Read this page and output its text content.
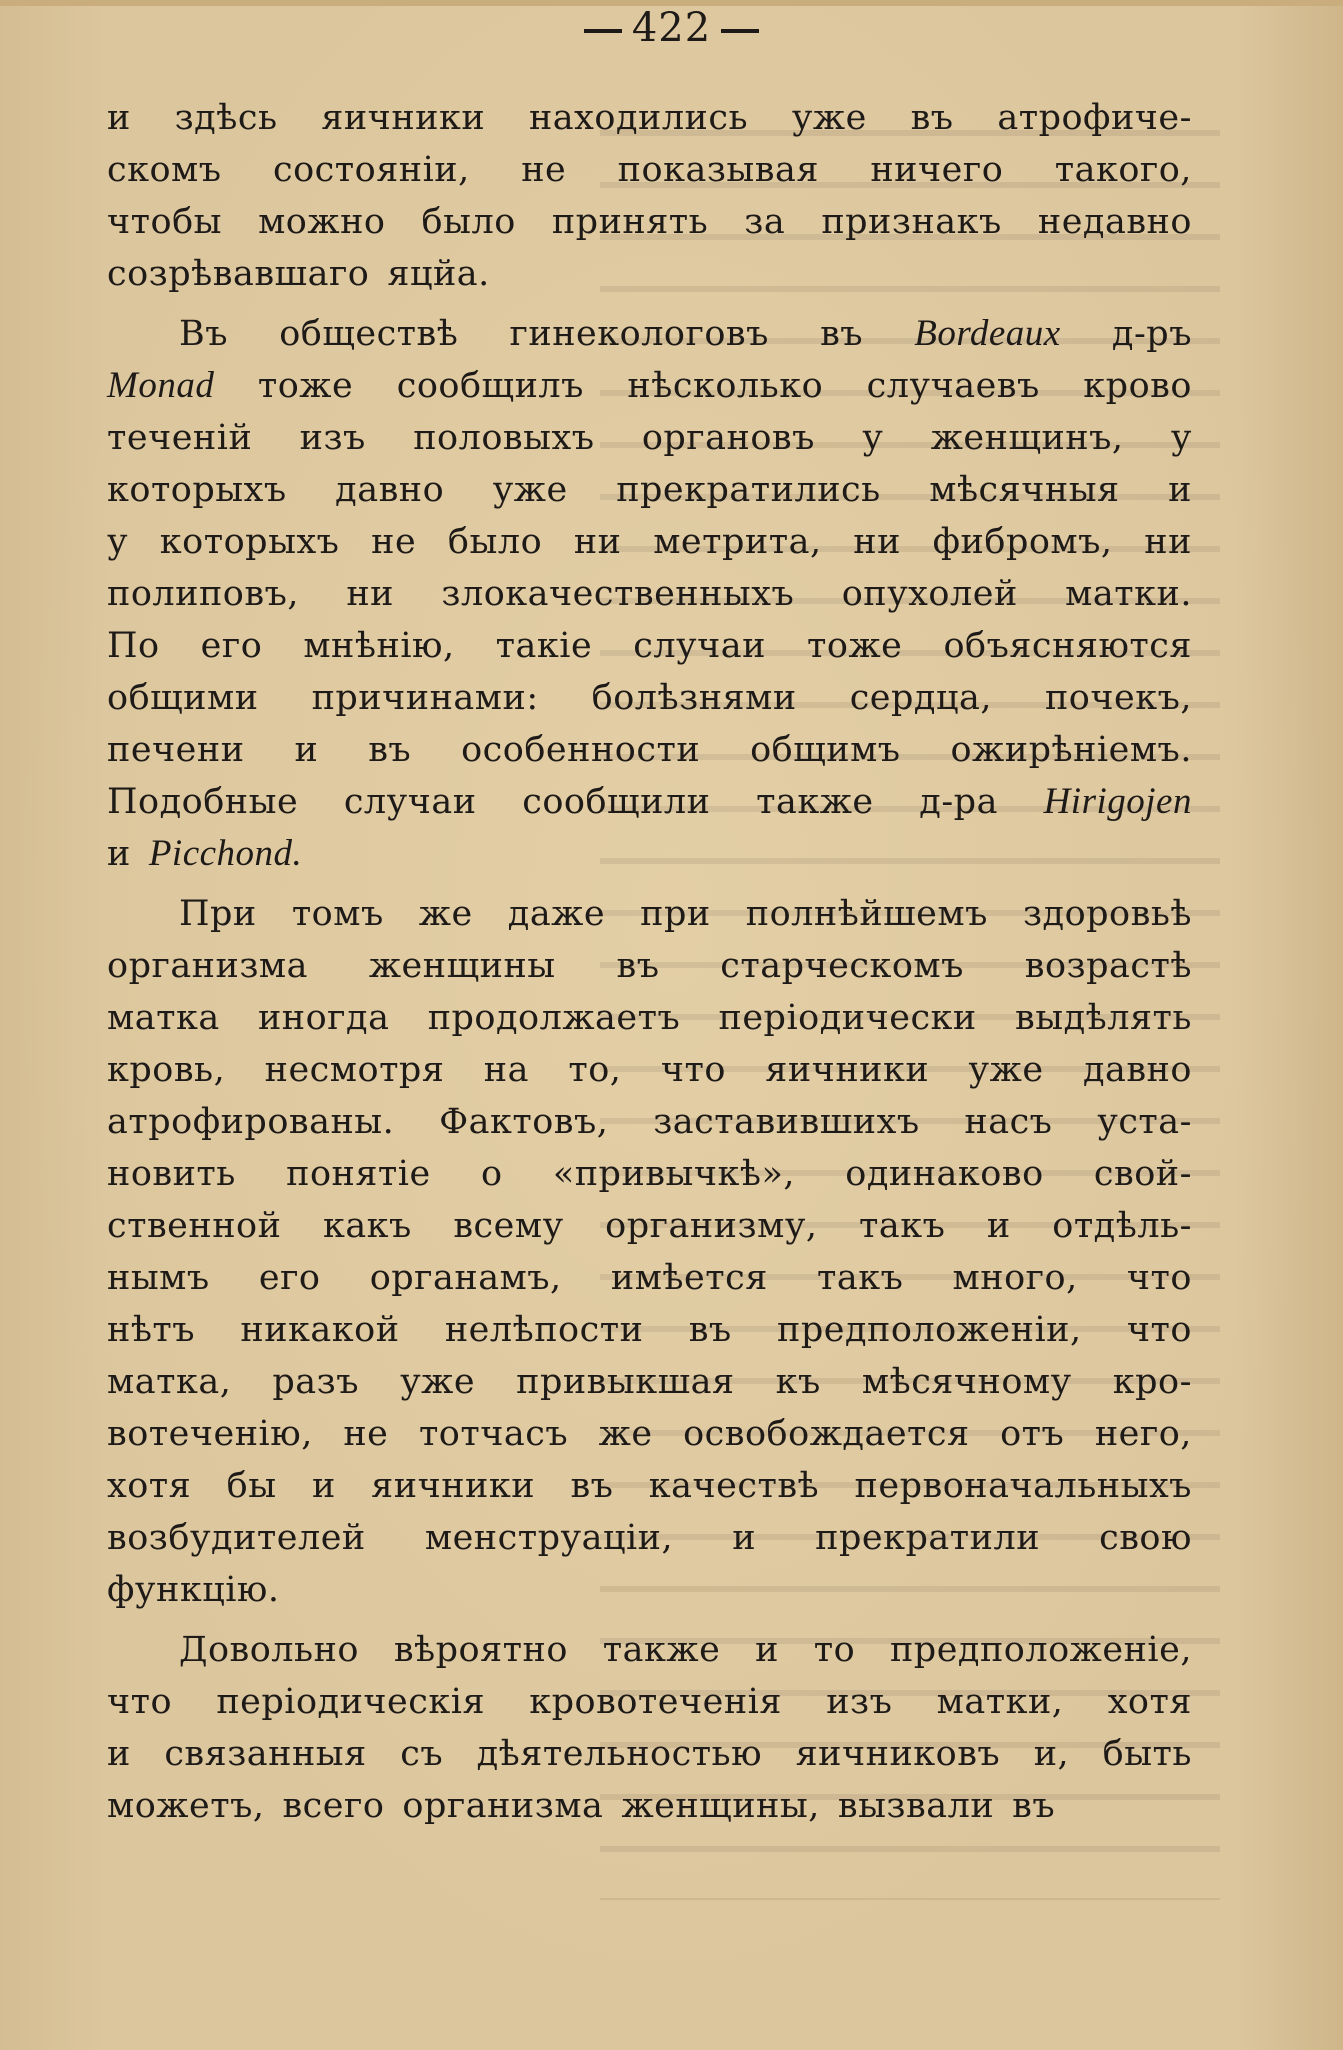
422
и здѣсь яичники находились уже въ атрофиче-
скомъ состояніи, не показывая ничего такого,
чтобы можно было принять за признакъ недавно
созрѣвавшаго яцйа.
Въ обществѣ гинекологовъ въ Bordeaux д-ръ
Monad тоже сообщилъ нѣсколько случаевъ крово
теченій изъ половыхъ органовъ у женщинъ, у
которыхъ давно уже прекратились мѣсячныя и
у которыхъ не было ни метрита, ни фибромъ, ни
полиповъ, ни злокачественныхъ опухолей матки.
По его мнѣнію, такіе случаи тоже объясняются
общими причинами: болѣзнями сердца, почекъ,
печени и въ особенности общимъ ожирѣніемъ.
Подобные случаи сообщили также д-ра Hirigojen
и Picchond.
При томъ же даже при полнѣйшемъ здоровьѣ
организма женщины въ старческомъ возрастѣ
матка иногда продолжаетъ періодически выдѣлять
кровь, несмотря на то, что яичники уже давно
атрофированы. Фактовъ, заставившихъ насъ уста-
новить понятіе о «привычкѣ», одинаково свой-
ственной какъ всему организму, такъ и отдѣль-
нымъ его органамъ, имѣется такъ много, что
нѣтъ никакой нелѣпости въ предположеніи, что
матка, разъ уже привыкшая къ мѣсячному кро-
вотеченію, не тотчасъ же освобождается отъ него,
хотя бы и яичники въ качествѣ первоначальныхъ
возбудителей менструаціи, и прекратили свою
функцію.
Довольно вѣроятно также и то предположеніе,
что періодическія кровотеченія изъ матки, хотя
и связанныя съ дѣятельностью яичниковъ и, быть
можетъ, всего организма женщины, вызвали въ
